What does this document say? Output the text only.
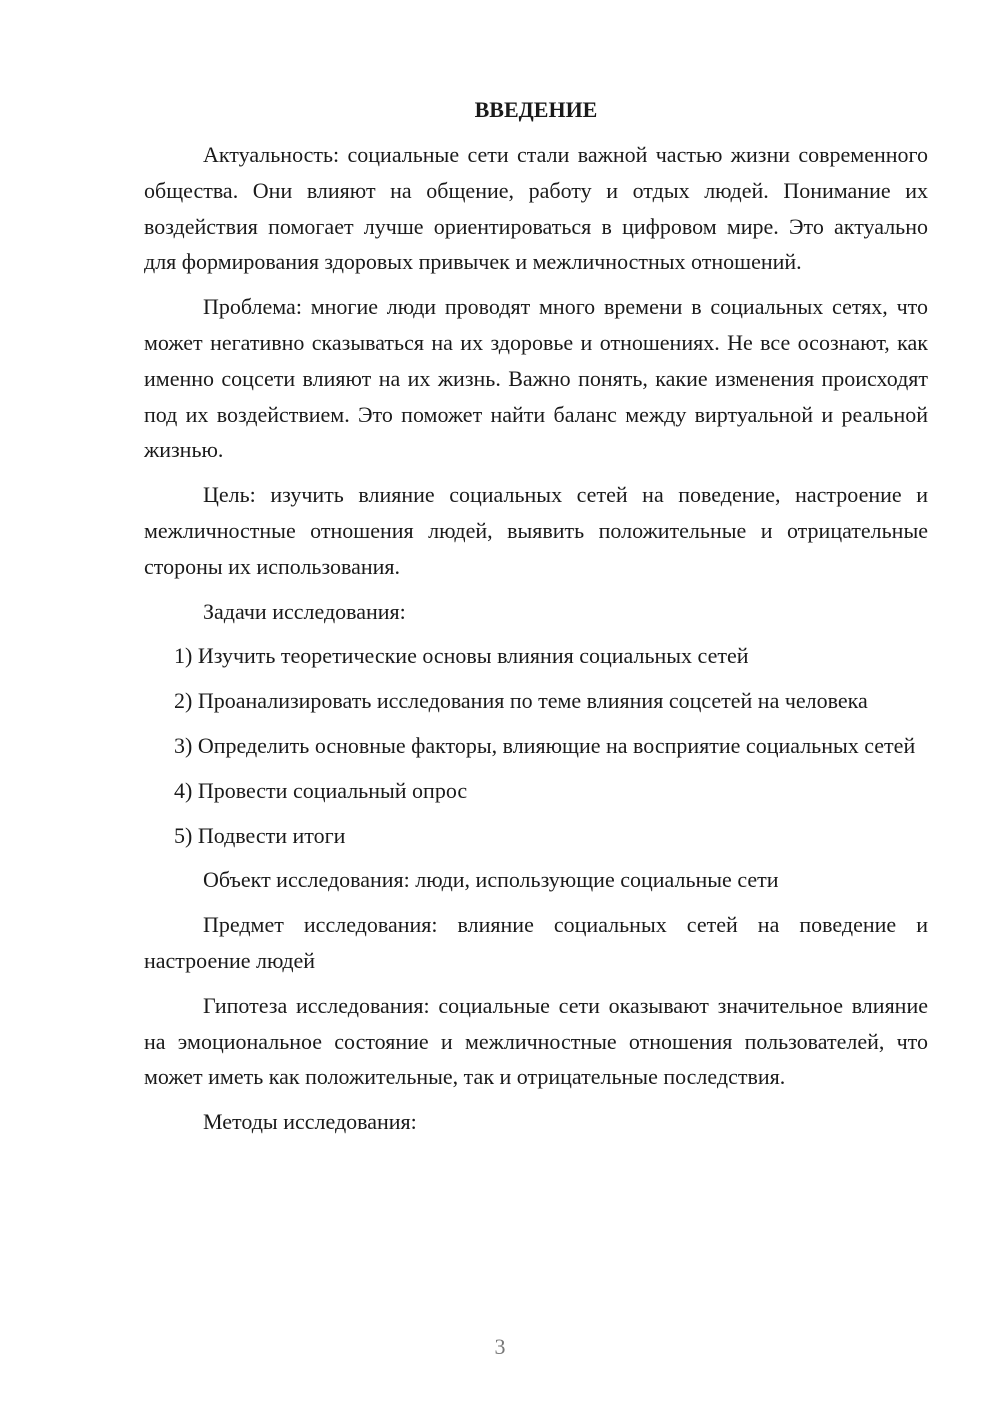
ВВЕДЕНИЕ
Актуальность: социальные сети стали важной частью жизни современного общества. Они влияют на общение, работу и отдых людей. Понимание их воздействия помогает лучше ориентироваться в цифровом мире. Это актуально для формирования здоровых привычек и межличностных отношений.
Проблема: многие люди проводят много времени в социальных сетях, что может негативно сказываться на их здоровье и отношениях. Не все осознают, как именно соцсети влияют на их жизнь. Важно понять, какие изменения происходят под их воздействием. Это поможет найти баланс между виртуальной и реальной жизнью.
Цель: изучить влияние социальных сетей на поведение, настроение и межличностные отношения людей, выявить положительные и отрицательные стороны их использования.
Задачи исследования:
1) Изучить теоретические основы влияния социальных сетей
2) Проанализировать исследования по теме влияния соцсетей на человека
3) Определить основные факторы, влияющие на восприятие социальных сетей
4) Провести социальный опрос
5) Подвести итоги
Объект исследования: люди, использующие социальные сети
Предмет исследования: влияние социальных сетей на поведение и настроение людей
Гипотеза исследования: социальные сети оказывают значительное влияние на эмоциональное состояние и межличностные отношения пользователей, что может иметь как положительные, так и отрицательные последствия.
Методы исследования:
3
